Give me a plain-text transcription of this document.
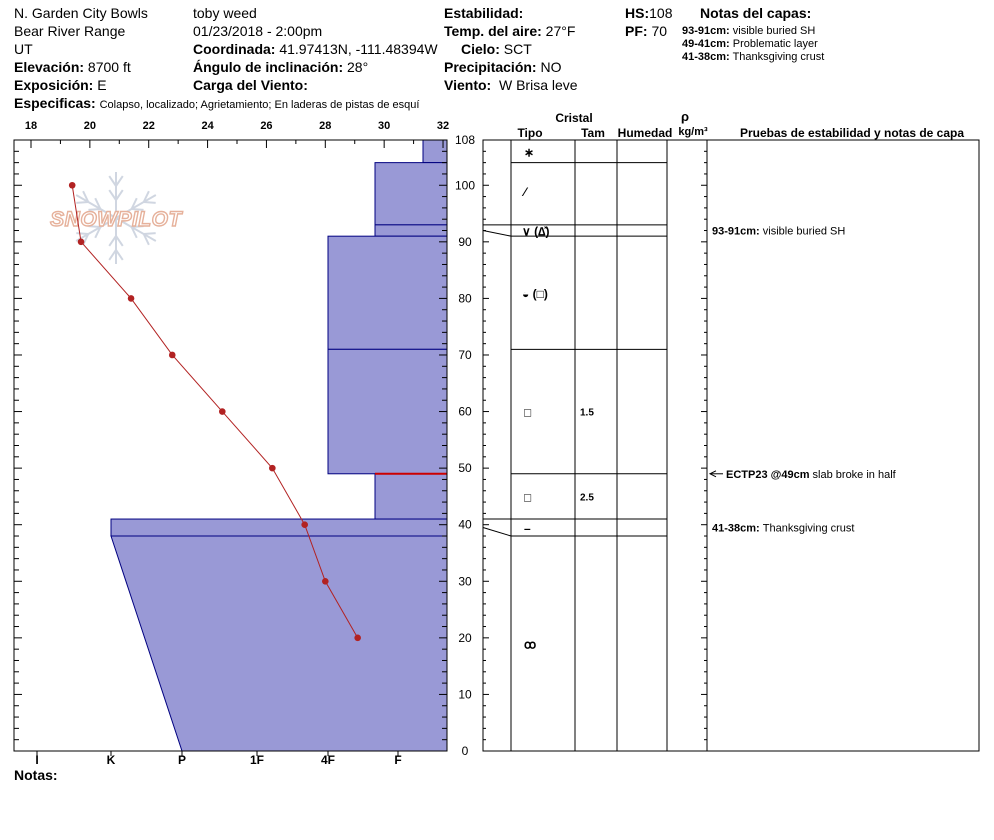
N. Garden City Bowls
Bear River Range
UT
Elevación: 8700 ft
Exposición: E
Especificas: Colapso, localizado; Agrietamiento; En laderas de pistas de esquí
toby weed
01/23/2018 - 2:00pm
Coordinada: 41.97413N, -111.48394W
Ángulo de inclinación: 28°
Carga del Viento:
Estabilidad:
Temp. del aire: 27°F
Cielo: SCT
Precipitación: NO
Viento: W Brisa leve
HS:108
PF: 70
Notas del capas:
93-91cm: visible buried SH
49-41cm: Problematic layer
41-38cm: Thanksgiving crust
Notas:
SNOWPILOT
18	20	22	24	26	28	30	32
108
100
90
80
70
60
50
40
30
20
10
0
I	K	P	1F	4F	F
Cristal
Tipo	Tam Humedad
ρ
kg/m³	Pruebas de estabilidad y notas de capa
∗
⁄
∨ (∆̽)
◒ (□)
□	1.5
□	2.5
–
ꝏ
93-91cm: visible buried SH
41-38cm: Thanksgiving crust
ECTP23 @49cm slab broke in half
